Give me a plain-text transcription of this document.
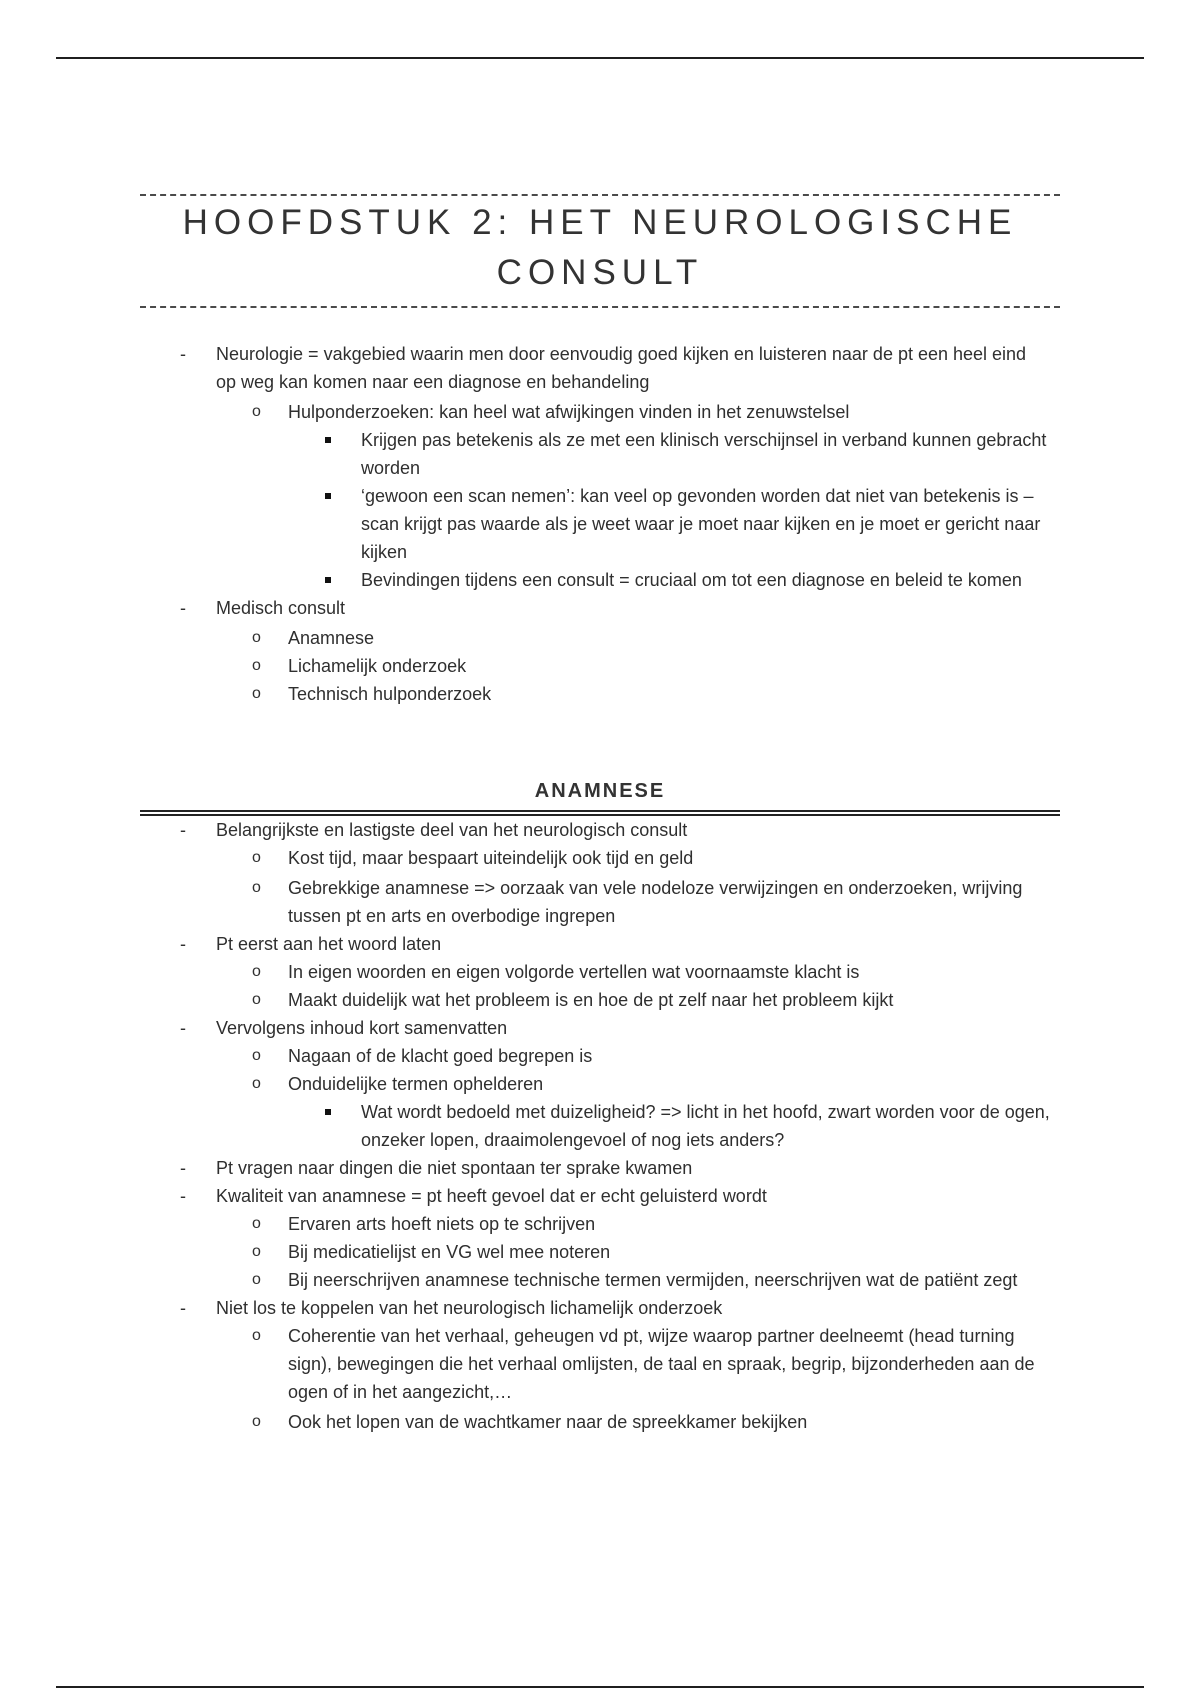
HOOFDSTUK 2: HET NEUROLOGISCHE CONSULT
- Neurologie = vakgebied waarin men door eenvoudig goed kijken en luisteren naar de pt een heel eind op weg kan komen naar een diagnose en behandeling
o Hulponderzoeken: kan heel wat afwijkingen vinden in het zenuwstelsel
Krijgen pas betekenis als ze met een klinisch verschijnsel in verband kunnen gebracht worden
‘gewoon een scan nemen’: kan veel op gevonden worden dat niet van betekenis is – scan krijgt pas waarde als je weet waar je moet naar kijken en je moet er gericht naar kijken
Bevindingen tijdens een consult = cruciaal om tot een diagnose en beleid te komen
- Medisch consult
o Anamnese
o Lichamelijk onderzoek
o Technisch hulponderzoek
ANAMNESE
- Belangrijkste en lastigste deel van het neurologisch consult
o Kost tijd, maar bespaart uiteindelijk ook tijd en geld
o Gebrekkige anamnese => oorzaak van vele nodeloze verwijzingen en onderzoeken, wrijving tussen pt en arts en overbodige ingrepen
- Pt eerst aan het woord laten
o In eigen woorden en eigen volgorde vertellen wat voornaamste klacht is
o Maakt duidelijk wat het probleem is en hoe de pt zelf naar het probleem kijkt
- Vervolgens inhoud kort samenvatten
o Nagaan of de klacht goed begrepen is
o Onduidelijke termen ophelderen
Wat wordt bedoeld met duizeligheid? => licht in het hoofd, zwart worden voor de ogen, onzeker lopen, draaimolengevoel of nog iets anders?
- Pt vragen naar dingen die niet spontaan ter sprake kwamen
- Kwaliteit van anamnese = pt heeft gevoel dat er echt geluisterd wordt
o Ervaren arts hoeft niets op te schrijven
o Bij medicatielijst en VG wel mee noteren
o Bij neerschrijven anamnese technische termen vermijden, neerschrijven wat de patiënt zegt
- Niet los te koppelen van het neurologisch lichamelijk onderzoek
o Coherentie van het verhaal, geheugen vd pt, wijze waarop partner deelneemt (head turning sign), bewegingen die het verhaal omlijsten, de taal en spraak, begrip, bijzonderheden aan de ogen of in het aangezicht,…
o Ook het lopen van de wachtkamer naar de spreekkamer bekijken
